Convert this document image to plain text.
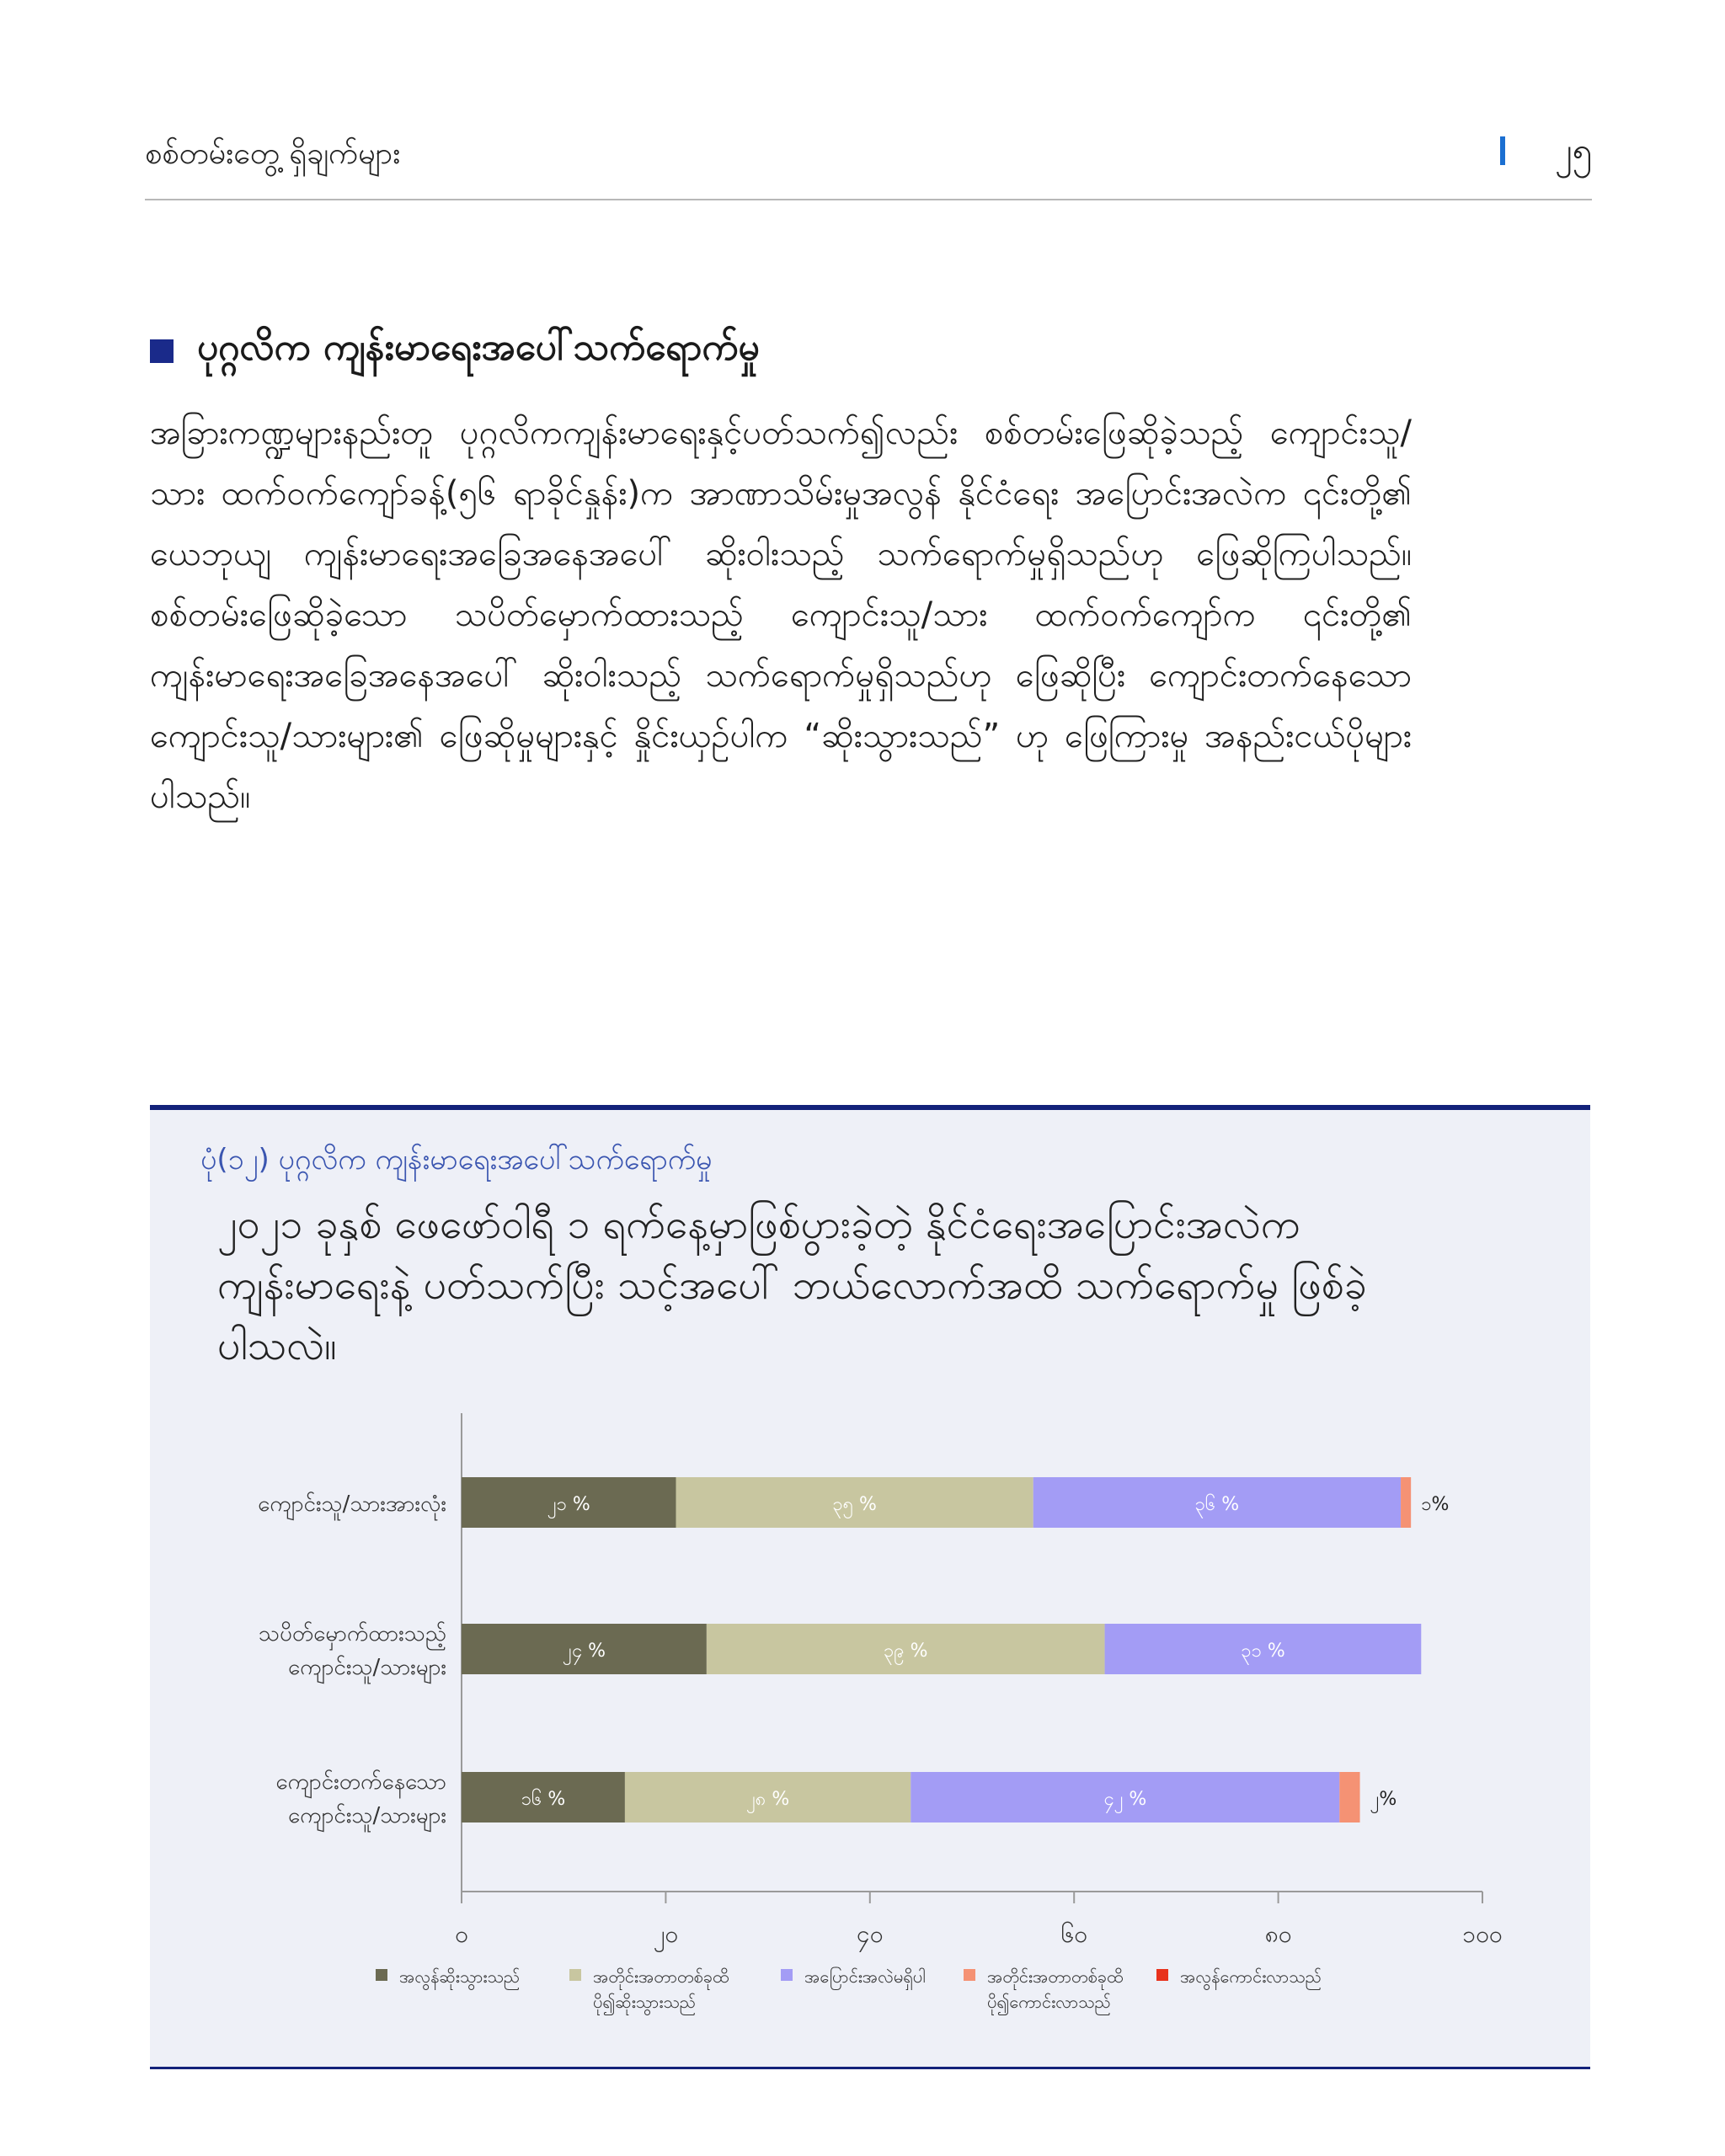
စစ်တမ်းတွေ့ ရှိချက်များ	၂၅
ပုဂ္ဂလိက ကျန်းမာရေးအပေါ်သက်ရောက်မှု
အခြားကဏ္ဍများနည်းတူ ပုဂ္ဂလိကကျန်းမာရေးနှင့်ပတ်သက်၍လည်း စစ်တမ်းဖြေဆိုခဲ့သည့် ကျောင်းသူ/သား ထက်ဝက်ကျော်ခန့်(၅၆ ရာခိုင်နှုန်း)က အာဏာသိမ်းမှုအလွန် နိုင်ငံရေး အပြောင်းအလဲက ၎င်းတို့၏ ယေဘုယျ ကျန်းမာရေးအခြေအနေအပေါ် ဆိုးဝါးသည့် သက်ရောက်မှုရှိသည်ဟု ဖြေဆိုကြပါသည်။ စစ်တမ်းဖြေဆိုခဲ့သော သပိတ်မှောက်ထားသည့် ကျောင်းသူ/သား ထက်ဝက်ကျော်က ၎င်းတို့၏ ကျန်းမာရေးအခြေအနေအပေါ် ဆိုးဝါးသည့် သက်ရောက်မှုရှိသည်ဟု ဖြေဆိုပြီး ကျောင်းတက်နေသော ကျောင်းသူ/သားများ၏ ဖြေဆိုမှုများနှင့် နှိုင်းယှဉ်ပါက “ဆိုးသွားသည်” ဟု ဖြေကြားမှု အနည်းငယ်ပိုများပါသည်။
ပုံ(၁၂) ပုဂ္ဂလိက ကျန်းမာရေးအပေါ်သက်ရောက်မှု
၂၀၂၁ ခုနှစ် ဖေဖော်ဝါရီ ၁ ရက်နေ့မှာဖြစ်ပွားခဲ့တဲ့ နိုင်ငံရေးအပြောင်းအလဲက ကျန်းမာရေးနဲ့ ပတ်သက်ပြီး သင့်အပေါ် ဘယ်လောက်အထိ သက်ရောက်မှု ဖြစ်ခဲ့ပါသလဲ။
၀	၂၀	၄၀	၆၀	၈၀	၁၀၀
ကျောင်းသူ/သားအားလုံး	၂၁ %	၃၅ %	၃၆ %	၁%
သပိတ်မှောက်ထားသည့်
ကျောင်းသူ/သားများ
၂၄ %	၃၉ %	၃၁ %
ကျောင်းတက်နေသော
ကျောင်းသူ/သားများ
၁၆ %	၂၈ %	၄၂ %	၂%
အလွန်ဆိုးသွားသည်	အတိုင်းအတာတစ်ခုထိ
ပို၍ဆိုးသွားသည်
အပြောင်းအလဲမရှိပါ	အတိုင်းအတာတစ်ခုထိ
ပို၍ကောင်းလာသည်
အလွန်ကောင်းလာသည်
